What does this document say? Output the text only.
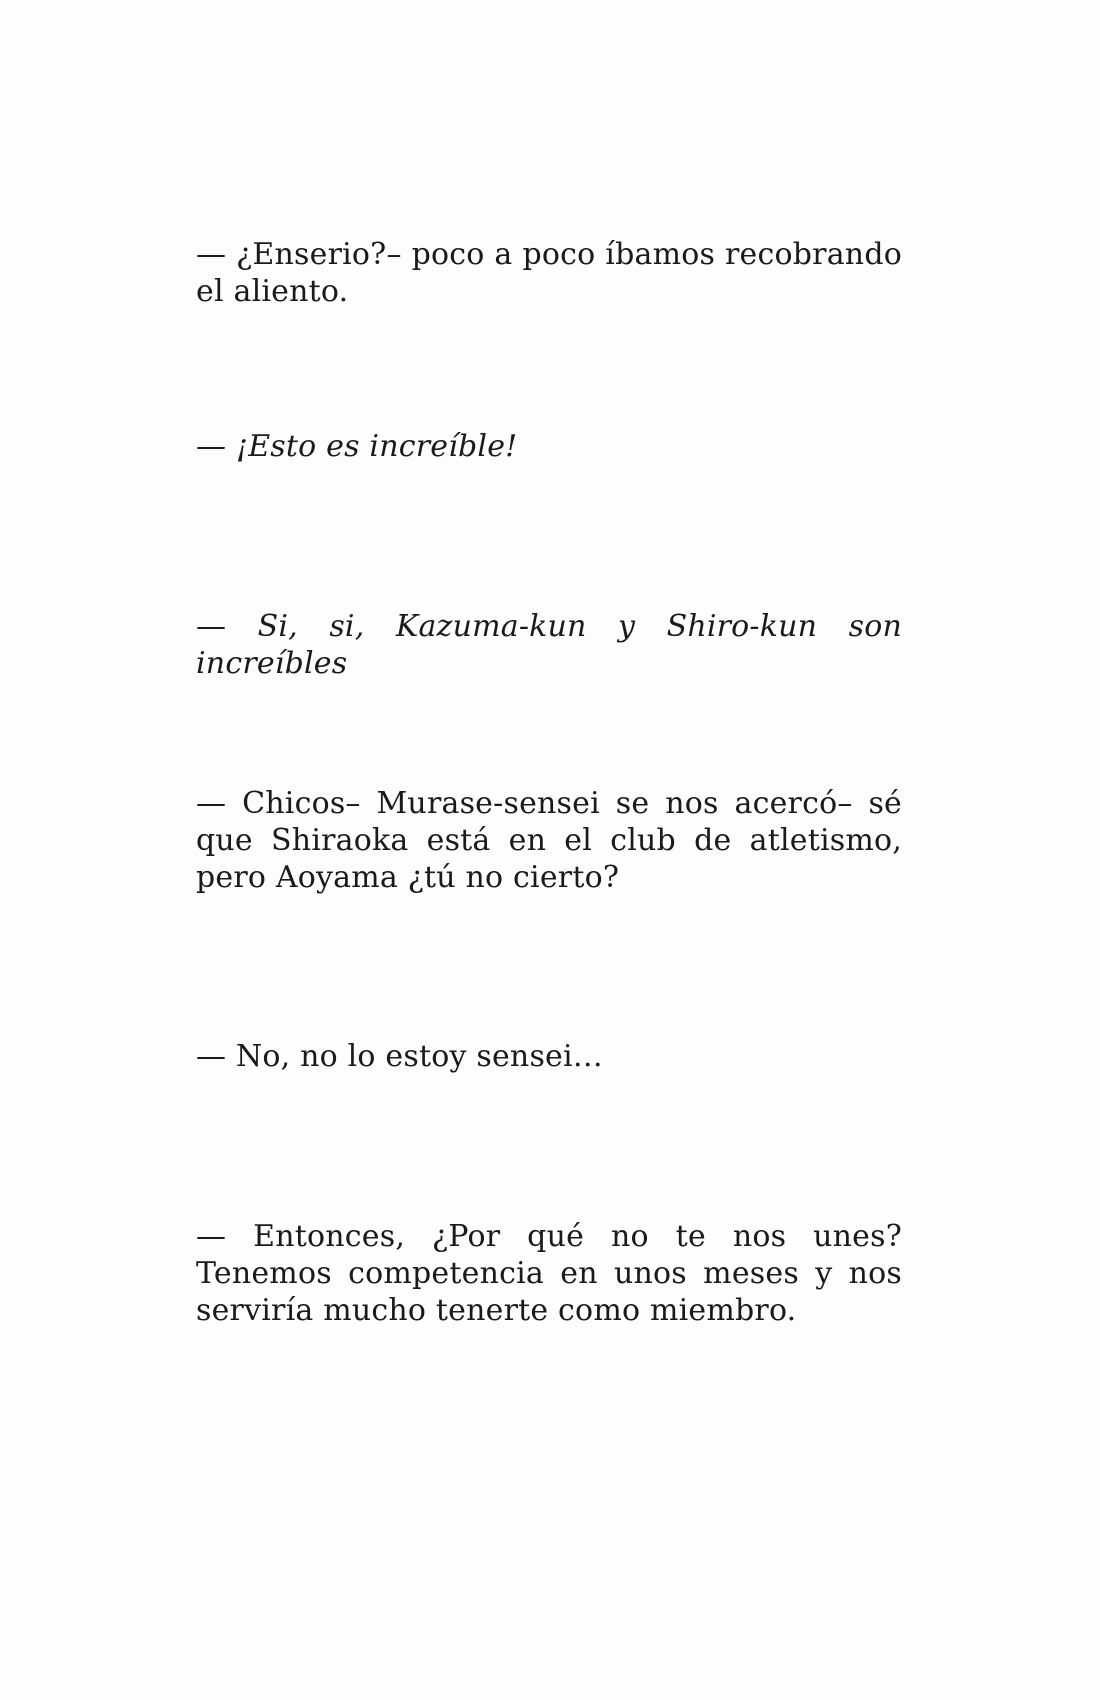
— ¿Enserio?– poco a poco íbamos recobrando el aliento.

— ¡Esto es increíble!

— Si, si, Kazuma-kun y Shiro-kun son increíbles

— Chicos– Murase-sensei se nos acercó– sé que Shiraoka está en el club de atletismo, pero Aoyama ¿tú no cierto?

— No, no lo estoy sensei…

— Entonces, ¿Por qué no te nos unes? Tenemos competencia en unos meses y nos serviría mucho tenerte como miembro.
